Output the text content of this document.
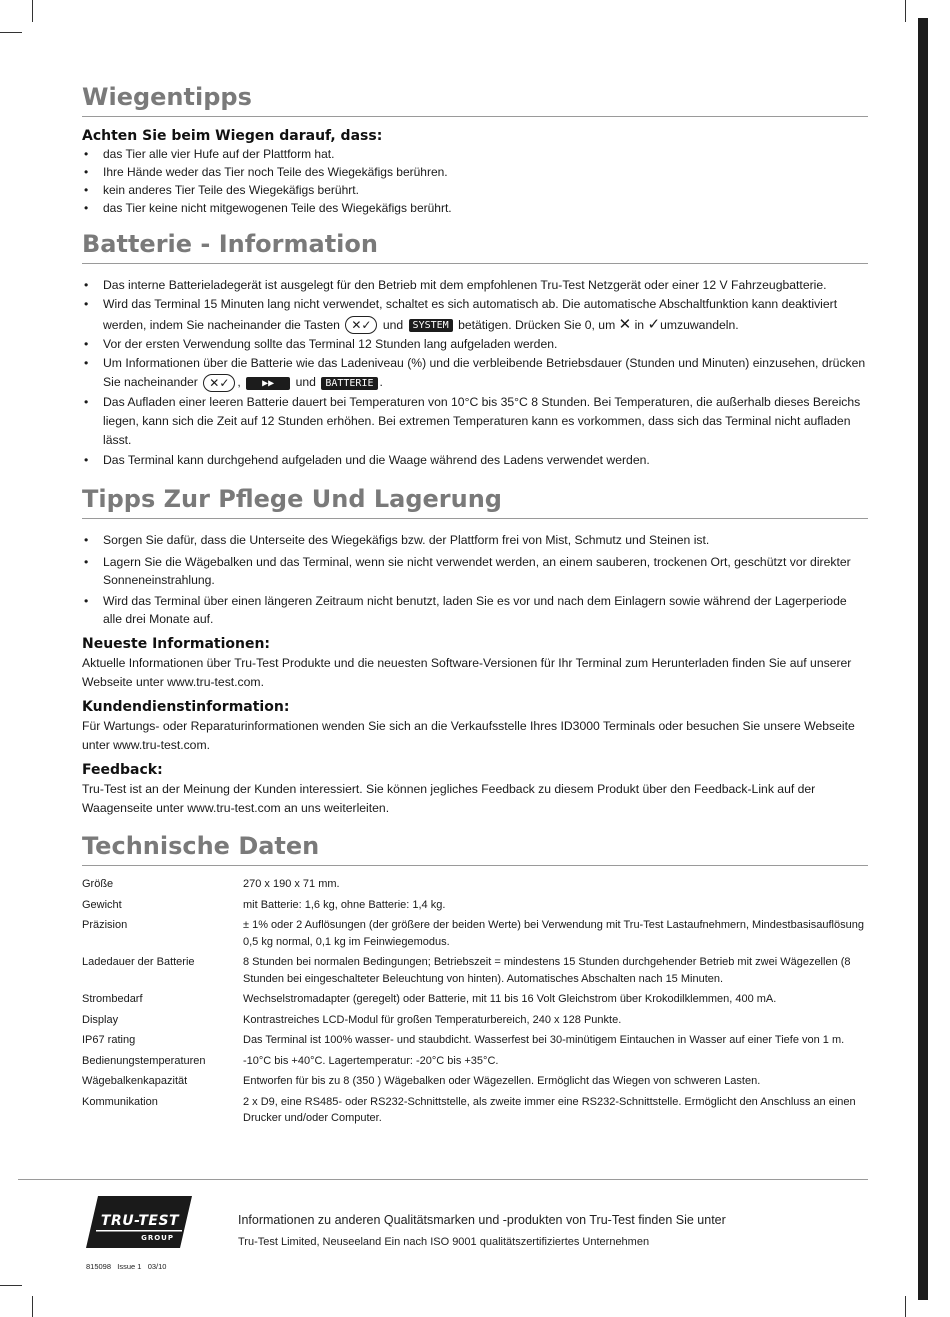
Wiegentipps

Achten Sie beim Wiegen darauf, dass:

• das Tier alle vier Hufe auf der Plattform hat.
• Ihre Hände weder das Tier noch Teile des Wiegekäfigs berühren.
• kein anderes Tier Teile des Wiegekäfigs berührt.
• das Tier keine nicht mitgewogenen Teile des Wiegekäfigs berührt.
Batterie - Information
• Das interne Batterieladegerät ist ausgelegt für den Betrieb mit dem empfohlenen Tru-Test Netzgerät oder einer 12 V Fahrzeugbatterie.
• Wird das Terminal 15 Minuten lang nicht verwendet, schaltet es sich automatisch ab. Die automatische Abschaltfunktion kann deaktiviert werden, indem Sie nacheinander die Tasten ✕✓ und SYSTEM betätigen. Drücken Sie 0, um ✕ in ✓umzuwandeln.
• Vor der ersten Verwendung sollte das Terminal 12 Stunden lang aufgeladen werden.
• Um Informationen über die Batterie wie das Ladeniveau (%) und die verbleibende Betriebsdauer (Stunden und Minuten) einzusehen, drücken Sie nacheinander ✕✓ , ▶▶ und BATTERIE .
• Das Aufladen einer leeren Batterie dauert bei Temperaturen von 10°C bis 35°C 8 Stunden. Bei Temperaturen, die außerhalb dieses Bereichs liegen, kann sich die Zeit auf 12 Stunden erhöhen. Bei extremen Temperaturen kann es vorkommen, dass sich das Terminal nicht aufladen lässt.
• Das Terminal kann durchgehend aufgeladen und die Waage während des Ladens verwendet werden.
Tipps Zur Pflege Und Lagerung
• Sorgen Sie dafür, dass die Unterseite des Wiegekäfigs bzw. der Plattform frei von Mist, Schmutz und Steinen ist.
• Lagern Sie die Wägebalken und das Terminal, wenn sie nicht verwendet werden, an einem sauberen, trockenen Ort, geschützt vor direkter Sonneneinstrahlung.
• Wird das Terminal über einen längeren Zeitraum nicht benutzt, laden Sie es vor und nach dem Einlagern sowie während der Lagerperiode alle drei Monate auf.

Neueste Informationen:

Aktuelle Informationen über Tru-Test Produkte und die neuesten Software-Versionen für Ihr Terminal zum Herunterladen finden Sie auf unserer Webseite unter www.tru-test.com.

Kundendienstinformation:

Für Wartungs- oder Reparaturinformationen wenden Sie sich an die Verkaufsstelle Ihres ID3000 Terminals oder besuchen Sie unsere Webseite unter www.tru-test.com.

Feedback:

Tru-Test ist an der Meinung der Kunden interessiert. Sie können jegliches Feedback zu diesem Produkt über den Feedback-Link auf der Waagenseite unter www.tru-test.com an uns weiterleiten.

Technische Daten
Größe	270 x 190 x 71 mm.
Gewicht	mit Batterie: 1,6 kg, ohne Batterie: 1,4 kg.
Präzision	± 1% oder 2 Auflösungen (der größere der beiden Werte) bei Verwendung mit Tru-Test Lastaufnehmern, Mindestbasisauflösung 0,5 kg normal, 0,1 kg im Feinwiegemodus.
Ladedauer der Batterie	8 Stunden bei normalen Bedingungen; Betriebszeit = mindestens 15 Stunden durchgehender Betrieb mit zwei Wägezellen (8 Stunden bei eingeschalteter Beleuchtung von hinten). Automatisches Abschalten nach 15 Minuten.
Strombedarf	Wechselstromadapter (geregelt) oder Batterie, mit 11 bis 16 Volt Gleichstrom über Krokodilklemmen, 400 mA.
Display	Kontrastreiches LCD-Modul für großen Temperaturbereich, 240 x 128 Punkte.
IP67 rating	Das Terminal ist 100% wasser- und staubdicht. Wasserfest bei 30-minütigem Eintauchen in Wasser auf einer Tiefe von 1 m.
Bedienungstemperaturen	-10°C bis +40°C. Lagertemperatur: -20°C bis +35°C.
Wägebalkenkapazität	Entworfen für bis zu 8 (350 ) Wägebalken oder Wägezellen. Ermöglicht das Wiegen von schweren Lasten.
Kommunikation	2 x D9, eine RS485- oder RS232-Schnittstelle, als zweite immer eine RS232-Schnittstelle. Ermöglicht den Anschluss an einen Drucker und/oder Computer.
TRU-TEST
GROUP
Informationen zu anderen Qualitätsmarken und -produkten von Tru-Test finden Sie unter
Tru-Test Limited, Neuseeland Ein nach ISO 9001 qualitätszertifiziertes Unternehmen
815098   Issue 1   03/10
